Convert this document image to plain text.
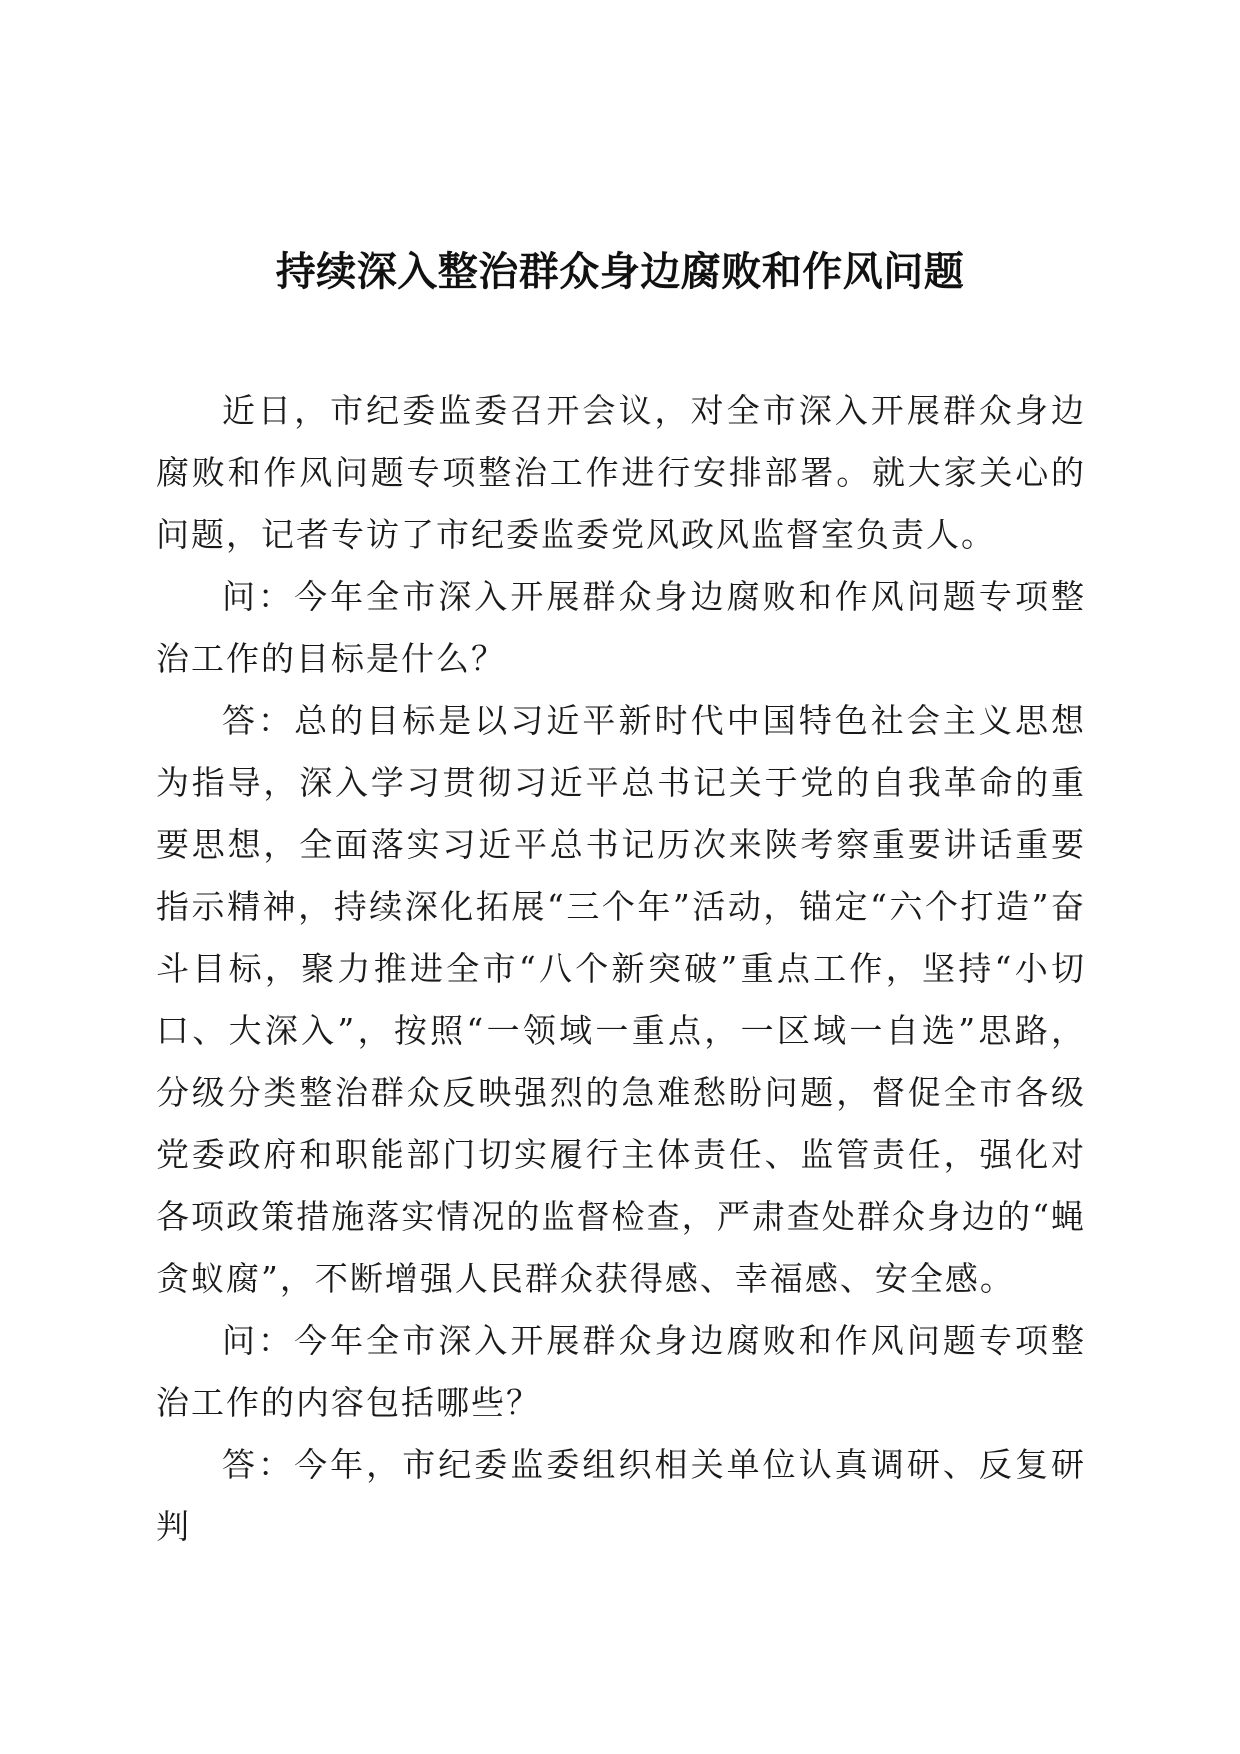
持续深入整治群众身边腐败和作风问题

近日，市纪委监委召开会议，对全市深入开展群众身边腐败和作风问题专项整治工作进行安排部署。就大家关心的问题，记者专访了市纪委监委党风政风监督室负责人。

问：今年全市深入开展群众身边腐败和作风问题专项整治工作的目标是什么？

答：总的目标是以习近平新时代中国特色社会主义思想为指导，深入学习贯彻习近平总书记关于党的自我革命的重要思想，全面落实习近平总书记历次来陕考察重要讲话重要指示精神，持续深化拓展“三个年”活动，锚定“六个打造”奋斗目标，聚力推进全市“八个新突破”重点工作，坚持“小切口、大深入”，按照“一领域一重点，一区域一自选”思路，分级分类整治群众反映强烈的急难愁盼问题，督促全市各级党委政府和职能部门切实履行主体责任、监管责任，强化对各项政策措施落实情况的监督检查，严肃查处群众身边的“蝇贪蚁腐”，不断增强人民群众获得感、幸福感、安全感。

问：今年全市深入开展群众身边腐败和作风问题专项整治工作的内容包括哪些？

答：今年，市纪委监委组织相关单位认真调研、反复研判
